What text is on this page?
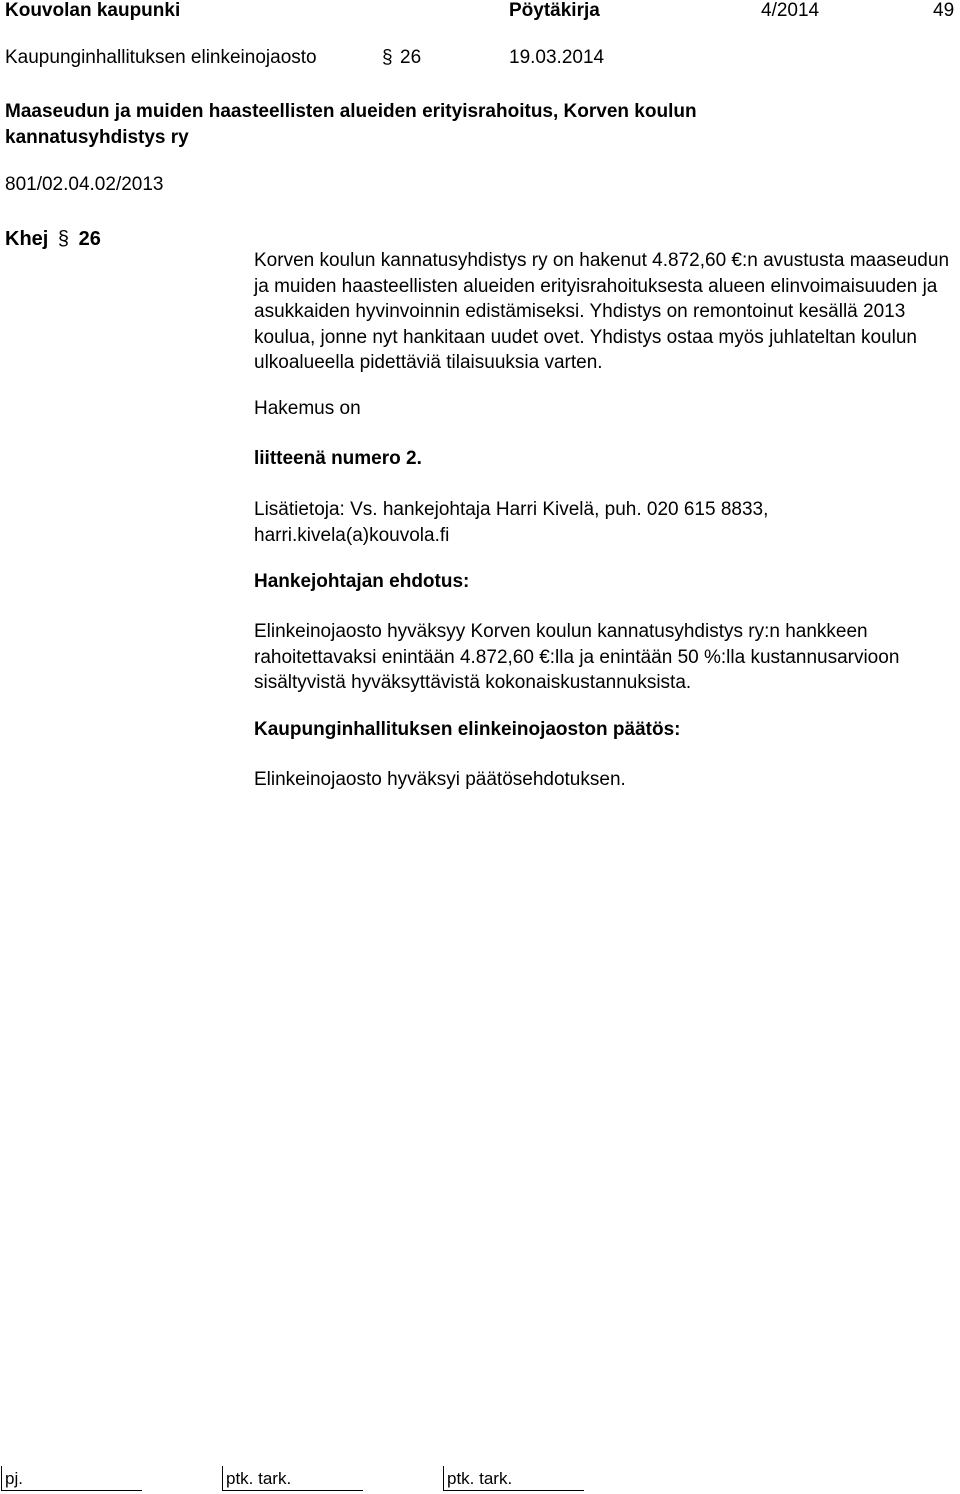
Kouvolan kaupunki	Pöytäkirja	4/2014	49
Kaupunginhallituksen elinkeinojaosto	§ 26	19.03.2014
Maaseudun ja muiden haasteellisten alueiden erityisrahoitus, Korven koulun kannatusyhdistys ry
801/02.04.02/2013
Khej § 26
Korven koulun kannatusyhdistys ry on hakenut 4.872,60 €:n avustusta maaseudun ja muiden haasteellisten alueiden erityisrahoituksesta alueen elinvoimaisuuden ja asukkaiden hyvinvoinnin edistämiseksi. Yhdistys on remontoinut kesällä 2013 koulua, jonne nyt hankitaan uudet ovet. Yhdistys ostaa myös juhlateltan koulun ulkoalueella pidettäviä tilaisuuksia varten.
Hakemus on
liitteenä numero 2.
Lisätietoja: Vs. hankejohtaja Harri Kivelä, puh. 020 615 8833, harri.kivela(a)kouvola.fi
Hankejohtajan ehdotus:
Elinkeinojaosto hyväksyy Korven koulun kannatusyhdistys ry:n hankkeen rahoitettavaksi enintään 4.872,60 €:lla ja enintään 50 %:lla kustannusarvioon sisältyvistä hyväksyttävistä kokonaiskustannuksista.
Kaupunginhallituksen elinkeinojaoston päätös:
Elinkeinojaosto hyväksyi päätösehdotuksen.
pj.	ptk. tark.	ptk. tark.
